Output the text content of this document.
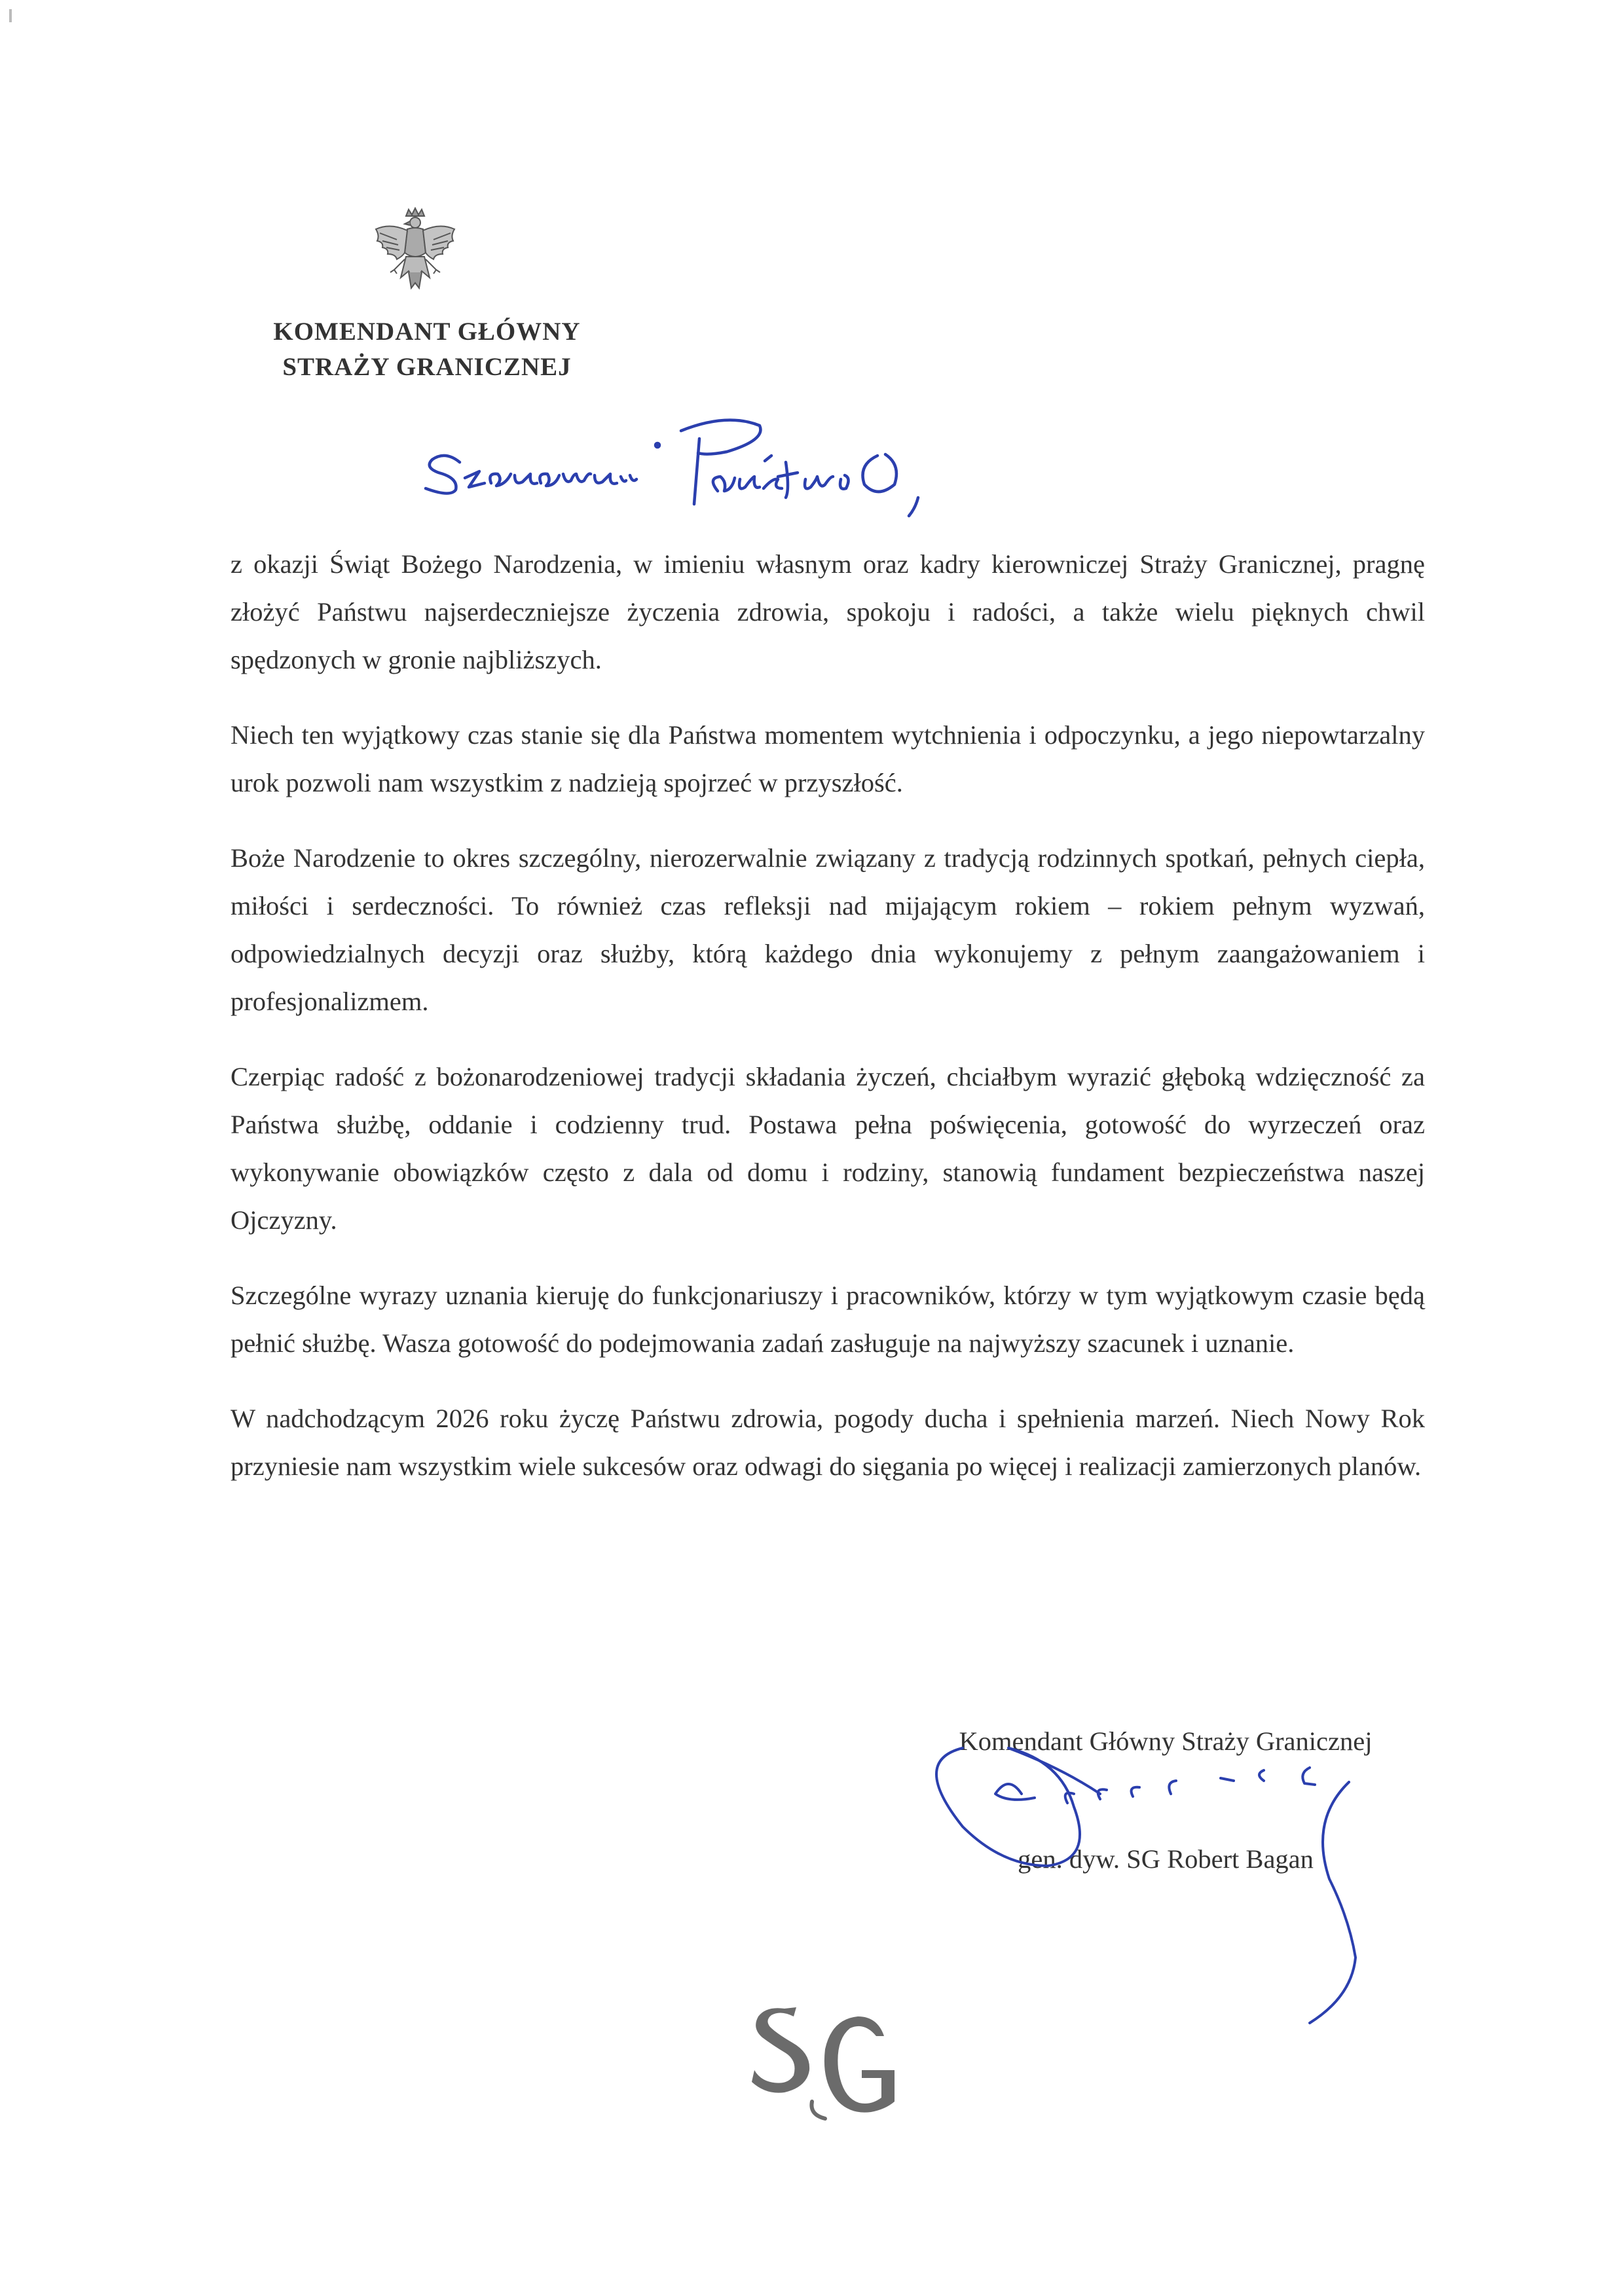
KOMENDANT GŁÓWNY
STRAŻY GRANICZNEJ

z okazji Świąt Bożego Narodzenia, w imieniu własnym oraz kadry kierowniczej Straży Granicznej, pragnę złożyć Państwu najserdeczniejsze życzenia zdrowia, spokoju i radości, a także wielu pięknych chwil spędzonych w gronie najbliższych.

Niech ten wyjątkowy czas stanie się dla Państwa momentem wytchnienia i odpoczynku, a jego niepowtarzalny urok pozwoli nam wszystkim z nadzieją spojrzeć w przyszłość.

Boże Narodzenie to okres szczególny, nierozerwalnie związany z tradycją rodzinnych spotkań, pełnych ciepła, miłości i serdeczności. To również czas refleksji nad mijającym rokiem – rokiem pełnym wyzwań, odpowiedzialnych decyzji oraz służby, którą każdego dnia wykonujemy z pełnym zaangażowaniem i profesjonalizmem.

Czerpiąc radość z bożonarodzeniowej tradycji składania życzeń, chciałbym wyrazić głęboką wdzięczność za Państwa służbę, oddanie i codzienny trud. Postawa pełna poświęcenia, gotowość do wyrzeczeń oraz wykonywanie obowiązków często z dala od domu i rodziny, stanowią fundament bezpieczeństwa naszej Ojczyzny.

Szczególne wyrazy uznania kieruję do funkcjonariuszy i pracowników, którzy w tym wyjątkowym czasie będą pełnić służbę. Wasza gotowość do podejmowania zadań zasługuje na najwyższy szacunek i uznanie.

W nadchodzącym 2026 roku życzę Państwu zdrowia, pogody ducha i spełnienia marzeń. Niech Nowy Rok przyniesie nam wszystkim wiele sukcesów oraz odwagi do sięgania po więcej i realizacji zamierzonych planów.

Komendant Główny Straży Granicznej
gen. dyw. SG Robert Bagan
